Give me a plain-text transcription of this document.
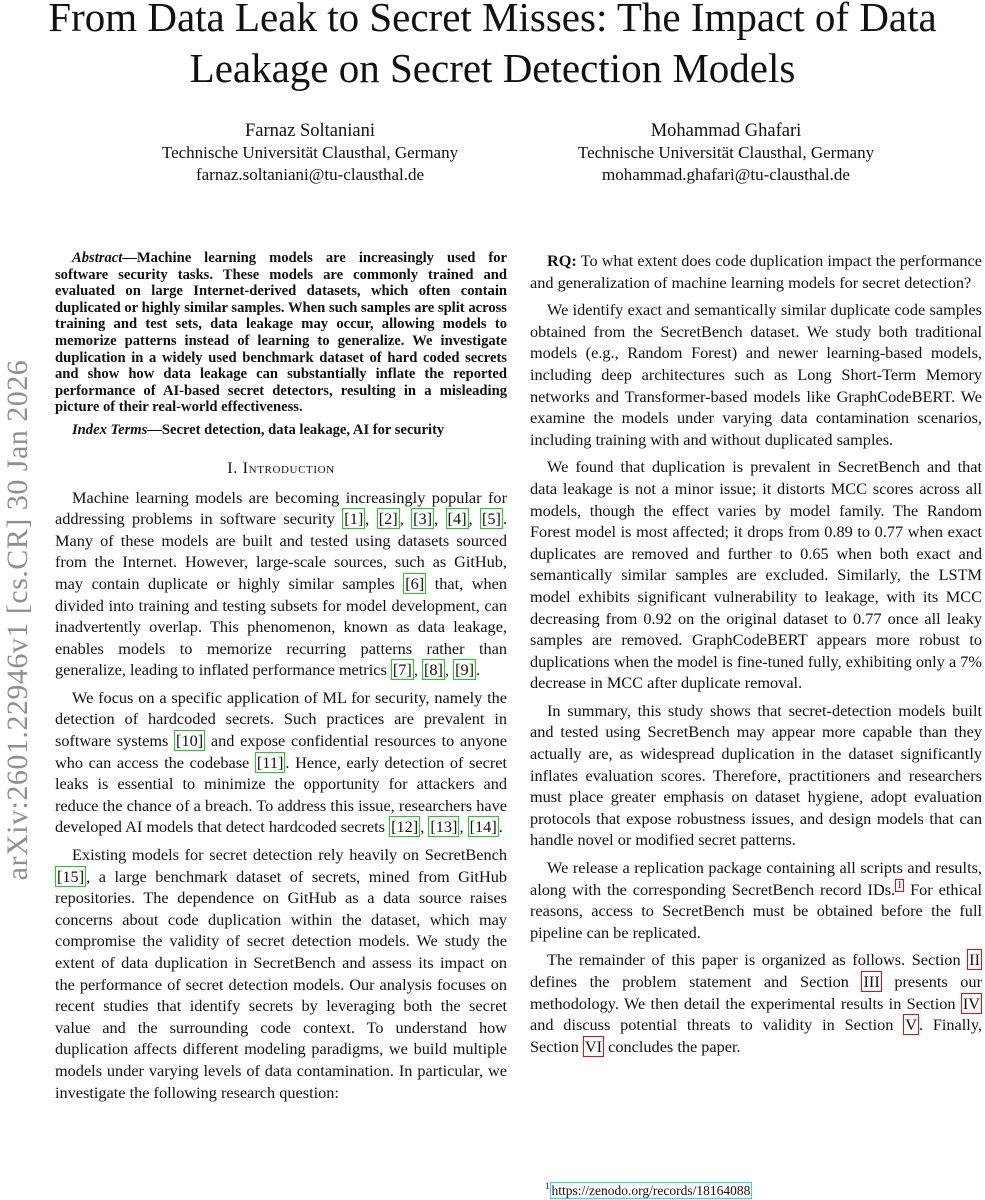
From Data Leak to Secret Misses: The Impact of Data Leakage on Secret Detection Models
Farnaz Soltaniani
Technische Universität Clausthal, Germany
farnaz.soltaniani@tu-clausthal.de
Mohammad Ghafari
Technische Universität Clausthal, Germany
mohammad.ghafari@tu-clausthal.de
arXiv:2601.22946v1 [cs.CR] 30 Jan 2026

Abstract—Machine learning models are increasingly used for software security tasks. These models are commonly trained and evaluated on large Internet-derived datasets, which often contain duplicated or highly similar samples. When such samples are split across training and test sets, data leakage may occur, allowing models to memorize patterns instead of learning to generalize. We investigate duplication in a widely used benchmark dataset of hard coded secrets and show how data leakage can substantially inflate the reported performance of AI-based secret detectors, resulting in a misleading picture of their real-world effectiveness.

Index Terms—Secret detection, data leakage, AI for security

I. Introduction

Machine learning models are becoming increasingly popular for addressing problems in software security [1] , [2] , [3] , [4] , [5] . Many of these models are built and tested using datasets sourced from the Internet. However, large-scale sources, such as GitHub, may contain duplicate or highly similar samples [6] that, when divided into training and testing subsets for model development, can inadvertently overlap. This phenomenon, known as data leakage, enables models to memorize recurring patterns rather than generalize, leading to inflated performance metrics [7] , [8] , [9] .

We focus on a specific application of ML for security, namely the detection of hardcoded secrets. Such practices are prevalent in software systems [10] and expose confidential resources to anyone who can access the codebase [11] . Hence, early detection of secret leaks is essential to minimize the opportunity for attackers and reduce the chance of a breach. To address this issue, researchers have developed AI models that detect hardcoded secrets [12] , [13] , [14] .

Existing models for secret detection rely heavily on SecretBench [15] , a large benchmark dataset of secrets, mined from GitHub repositories. The dependence on GitHub as a data source raises concerns about code duplication within the dataset, which may compromise the validity of secret detection models. We study the extent of data duplication in SecretBench and assess its impact on the performance of secret detection models. Our analysis focuses on recent studies that identify secrets by leveraging both the secret value and the surrounding code context. To understand how duplication affects different modeling paradigms, we build multiple models under varying levels of data contamination. In particular, we investigate the following research question:

RQ: To what extent does code duplication impact the performance and generalization of machine learning models for secret detection?

We identify exact and semantically similar duplicate code samples obtained from the SecretBench dataset. We study both traditional models (e.g., Random Forest) and newer learning-based models, including deep architectures such as Long Short-Term Memory networks and Transformer-based models like GraphCodeBERT. We examine the models under varying data contamination scenarios, including training with and without duplicated samples.

We found that duplication is prevalent in SecretBench and that data leakage is not a minor issue; it distorts MCC scores across all models, though the effect varies by model family. The Random Forest model is most affected; it drops from 0.89 to 0.77 when exact duplicates are removed and further to 0.65 when both exact and semantically similar samples are excluded. Similarly, the LSTM model exhibits significant vulnerability to leakage, with its MCC decreasing from 0.92 on the original dataset to 0.77 once all leaky samples are removed. GraphCodeBERT appears more robust to duplications when the model is fine-tuned fully, exhibiting only a 7% decrease in MCC after duplicate removal.

In summary, this study shows that secret-detection models built and tested using SecretBench may appear more capable than they actually are, as widespread duplication in the dataset significantly inflates evaluation scores. Therefore, practitioners and researchers must place greater emphasis on dataset hygiene, adopt evaluation protocols that expose robustness issues, and design models that can handle novel or modified secret patterns.

We release a replication package containing all scripts and results, along with the corresponding SecretBench record IDs. $^1$ For ethical reasons, access to SecretBench must be obtained before the full pipeline can be replicated.

The remainder of this paper is organized as follows. Section II defines the problem statement and Section III presents our methodology. We then detail the experimental results in Section IV and discuss potential threats to validity in Section V . Finally, Section VI concludes the paper.

$^1$ https://zenodo.org/records/18164088
